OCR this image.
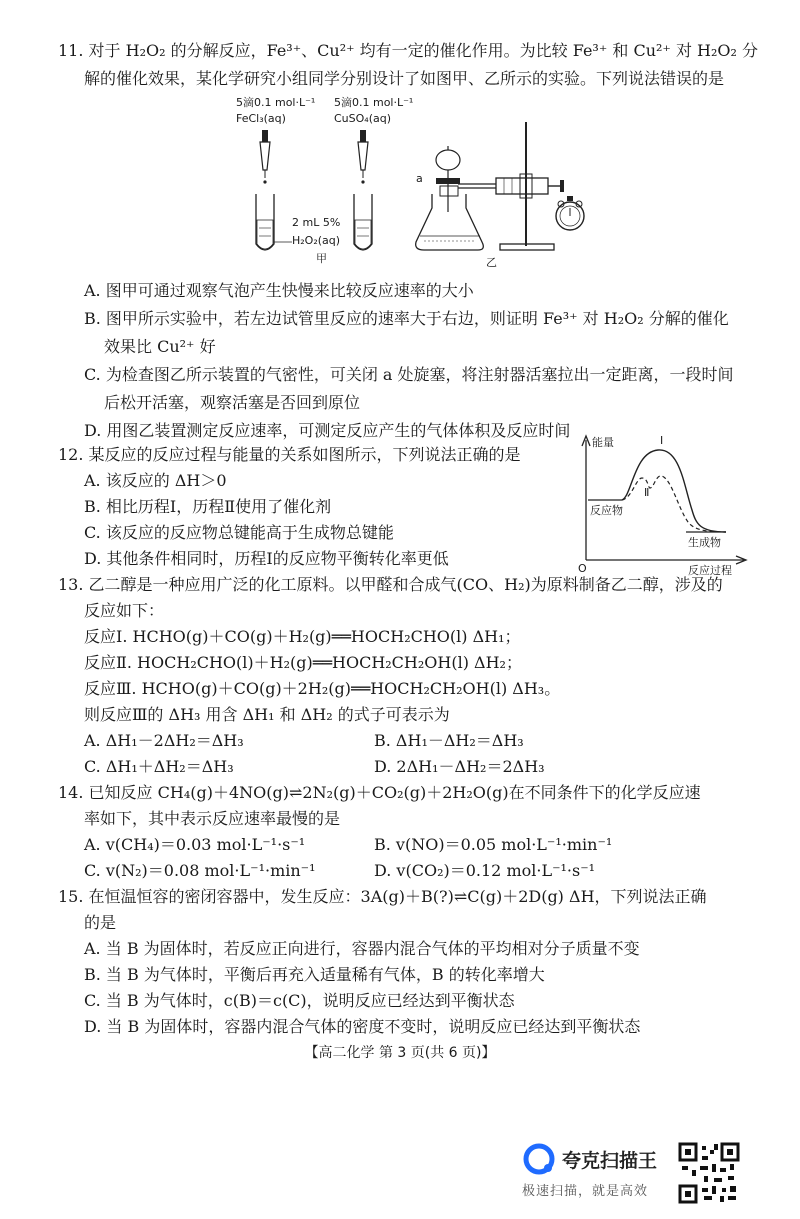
11. 对于 H₂O₂ 的分解反应，Fe³⁺、Cu²⁺ 均有一定的催化作用。为比较 Fe³⁺ 和 Cu²⁺ 对 H₂O₂ 分
解的催化效果，某化学研究小组同学分别设计了如图甲、乙所示的实验。下列说法错误的是
5滴0.1 mol·L⁻¹
FeCl₃(aq)
5滴0.1 mol·L⁻¹
CuSO₄(aq)
2 mL 5%
H₂O₂(aq)
甲
a
乙
A. 图甲可通过观察气泡产生快慢来比较反应速率的大小
B. 图甲所示实验中，若左边试管里反应的速率大于右边，则证明 Fe³⁺ 对 H₂O₂ 分解的催化
效果比 Cu²⁺ 好
C. 为检查图乙所示装置的气密性，可关闭 a 处旋塞，将注射器活塞拉出一定距离，一段时间
后松开活塞，观察活塞是否回到原位
D. 用图乙装置测定反应速率，可测定反应产生的气体体积及反应时间
12. 某反应的反应过程与能量的关系如图所示，下列说法正确的是
A. 该反应的 ΔH＞0
B. 相比历程Ⅰ，历程Ⅱ使用了催化剂
C. 该反应的反应物总键能高于生成物总键能
D. 其他条件相同时，历程Ⅰ的反应物平衡转化率更低
能量	Ⅰ
Ⅱ
反应物
生成物
O	反应过程
13. 乙二醇是一种应用广泛的化工原料。以甲醛和合成气(CO、H₂)为原料制备乙二醇，涉及的
反应如下：
反应Ⅰ. HCHO(g)＋CO(g)＋H₂(g)══HOCH₂CHO(l) ΔH₁；
反应Ⅱ. HOCH₂CHO(l)＋H₂(g)══HOCH₂CH₂OH(l) ΔH₂；
反应Ⅲ. HCHO(g)＋CO(g)＋2H₂(g)══HOCH₂CH₂OH(l) ΔH₃。
则反应Ⅲ的 ΔH₃ 用含 ΔH₁ 和 ΔH₂ 的式子可表示为
A. ΔH₁－2ΔH₂＝ΔH₃	B. ΔH₁－ΔH₂＝ΔH₃
C. ΔH₁＋ΔH₂＝ΔH₃	D. 2ΔH₁－ΔH₂＝2ΔH₃
14. 已知反应 CH₄(g)＋4NO(g)⇌2N₂(g)＋CO₂(g)＋2H₂O(g)在不同条件下的化学反应速
率如下，其中表示反应速率最慢的是
A. v(CH₄)＝0.03 mol·L⁻¹·s⁻¹	B. v(NO)＝0.05 mol·L⁻¹·min⁻¹
C. v(N₂)＝0.08 mol·L⁻¹·min⁻¹	D. v(CO₂)＝0.12 mol·L⁻¹·s⁻¹
15. 在恒温恒容的密闭容器中，发生反应：3A(g)＋B(?)⇌C(g)＋2D(g) ΔH，下列说法正确
的是
A. 当 B 为固体时，若反应正向进行，容器内混合气体的平均相对分子质量不变
B. 当 B 为气体时，平衡后再充入适量稀有气体，B 的转化率增大
C. 当 B 为气体时，c(B)＝c(C)，说明反应已经达到平衡状态
D. 当 B 为固体时，容器内混合气体的密度不变时，说明反应已经达到平衡状态
【高二化学 第 3 页(共 6 页)】
夸克扫描王
极速扫描，就是高效
